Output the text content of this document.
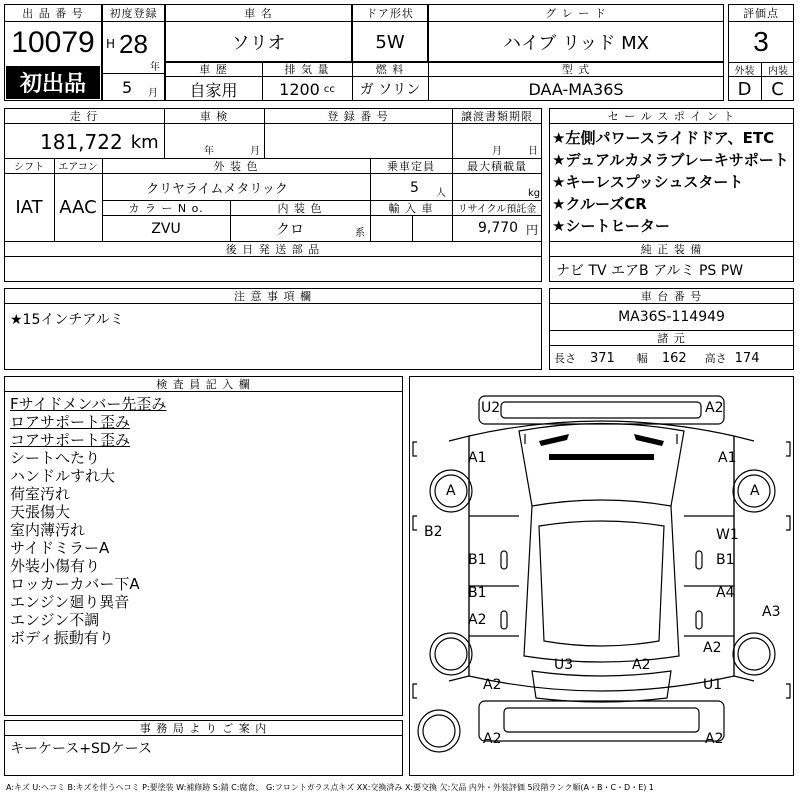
出 品 番 号
10079
初出品
初度登録
H 28
年
5 月
車 名
ソリオ
ドア形状
5W
グ レ ー ド
ハイブ リッド MX
評価点
3
外装	内装
D	C
車 歴
自家用
排 気 量
1200 cc
燃 料
ガ ソリン
型 式
DAA-MA36S
走 行
181,722 km
車 検
年	月
登 録 番 号	譲渡書類期限
月	日
シフト
IAT
エアコン
AAC
外 装 色
クリヤライムメタリック
乗車定員
5 人
最大積載量
kg
カ ラ ー N o.
ZVU
内 装 色
クロ	系
輸 入 車	リサイクル預託金
9,770 円
後 日 発 送 部 品
セ ー ル ス ポ イ ン ト
★左側パワースライドドア、ETC
★デュアルカメラブレーキサポート
★キーレスプッシュスタート
★クルーズCR
★シートヒーター
純 正 装 備
ナビ TV エアB アルミ PS PW
注 意 事 項 欄
★15インチアルミ
車 台 番 号
MA36S-114949
諸 元
長さ 371 幅 162 高さ 174
検 査 員 記 入 欄
Fサイドメンバー先歪み
ロアサポート歪み
コアサポート歪み
シートへたり
ハンドルすれ大
荷室汚れ
天張傷大
室内薄汚れ
サイドミラーA
外装小傷有り
ロッカーカバー下A
エンジン廻り異音
エンジン不調
ボディ振動有り
事 務 局 よ り ご 案 内
キーケース+SDケース
U2	A2
A1	A1
A	A
B2	W1
B1	B1
B1	A4
A2	A3
A2
U3	A2
A2	U1
A2	A2
A:キズ U:ヘコミ B:キズを伴うヘコミ P:要塗装 W:補修跡 S:錆 C:腐食、 G:フロントガラス点キズ XX:交換済み X:要交換 欠:欠品 内外・外装評価 5段階ランク順(A・B・C・D・E) 1
